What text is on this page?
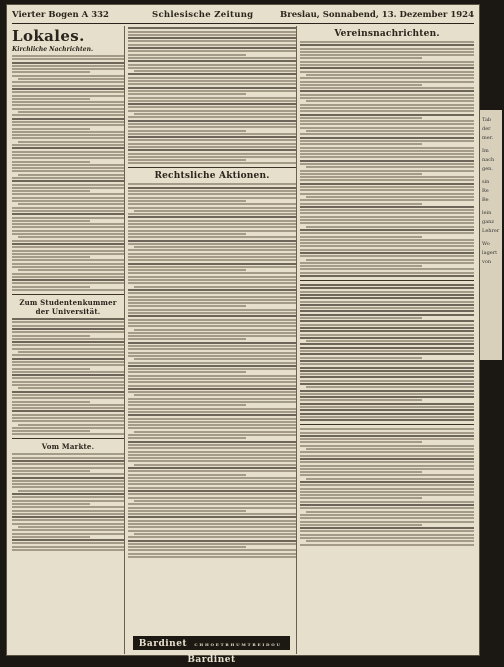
Vierter Bogen A 332	Schlesische Zeitung	Breslau, Sonnabend, 13. Dezember 1924
Lokales.
Kirchliche Nachrichten.
Zum Studentenkummer der Universität.
Vom Markte.
Rechtsliche Aktionen.
Bardinet C H H O E T R H U M T R E I D O U Bardinet
Vereinsnachrichten.
Tab
der
mer.
Im
nach
gen.
sin
Re
Be
lein
ganz
Lehrer
Wo
lagert
von
